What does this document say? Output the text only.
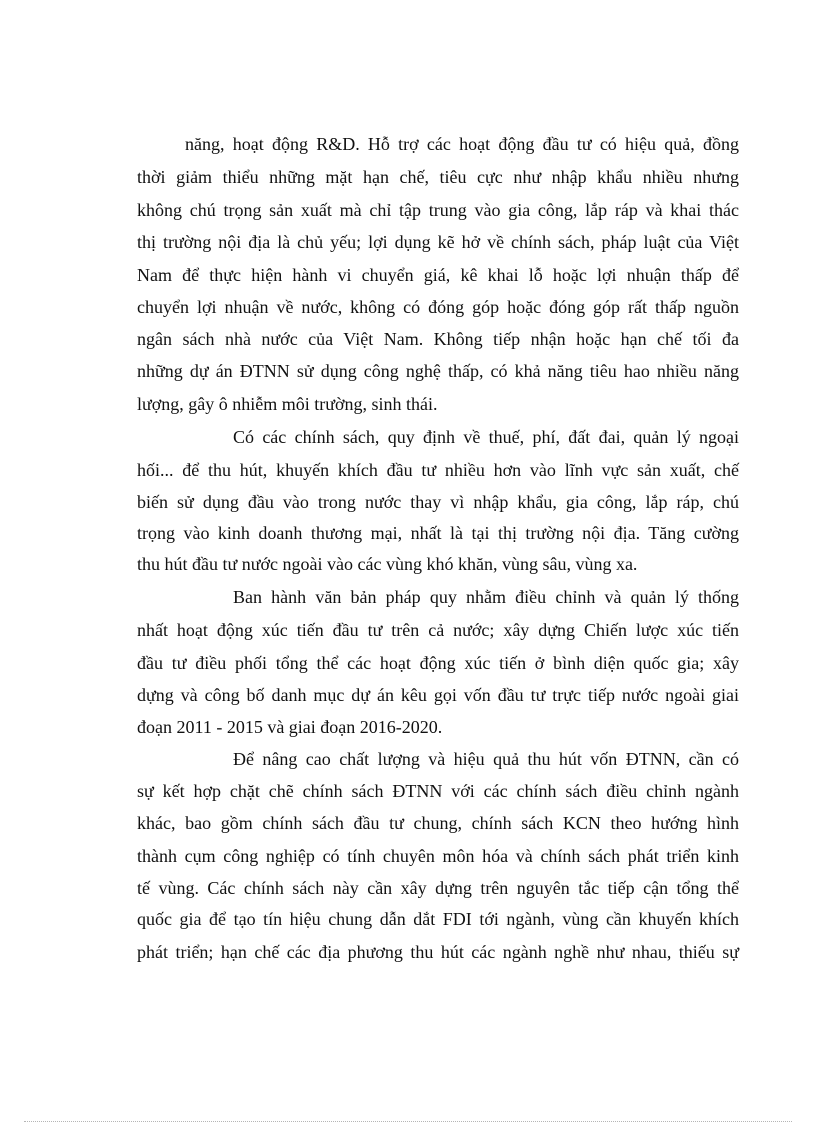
năng, hoạt động R&D. Hỗ trợ các hoạt động đầu tư có hiệu quả, đồng
thời giảm thiểu những mặt hạn chế, tiêu cực như nhập khẩu nhiều nhưng
không chú trọng sản xuất mà chỉ tập trung vào gia công, lắp ráp và khai thác
thị trường nội địa là chủ yếu; lợi dụng kẽ hở về chính sách, pháp luật của Việt
Nam để thực hiện hành vi chuyển giá, kê khai lỗ hoặc lợi nhuận thấp để
chuyển lợi nhuận về nước, không có đóng góp hoặc đóng góp rất thấp nguồn
ngân sách nhà nước của Việt Nam. Không tiếp nhận hoặc hạn chế tối đa
những dự án ĐTNN sử dụng công nghệ thấp, có khả năng tiêu hao nhiều năng
lượng, gây ô nhiễm môi trường, sinh thái.
Có các chính sách, quy định về thuế, phí, đất đai, quản lý ngoại
hối... để thu hút, khuyến khích đầu tư nhiều hơn vào lĩnh vực sản xuất, chế
biến sử dụng đầu vào trong nước thay vì nhập khẩu, gia công, lắp ráp, chú
trọng vào kinh doanh thương mại, nhất là tại thị trường nội địa. Tăng cường
thu hút đầu tư nước ngoài vào các vùng khó khăn, vùng sâu, vùng xa.
Ban hành văn bản pháp quy nhằm điều chỉnh và quản lý thống
nhất hoạt động xúc tiến đầu tư trên cả nước; xây dựng Chiến lược xúc tiến
đầu tư điều phối tổng thể các hoạt động xúc tiến ở bình diện quốc gia; xây
dựng và công bố danh mục dự án kêu gọi vốn đầu tư trực tiếp nước ngoài giai
đoạn 2011 - 2015 và giai đoạn 2016-2020.
Để nâng cao chất lượng và hiệu quả thu hút vốn ĐTNN, cần có
sự kết hợp chặt chẽ chính sách ĐTNN với các chính sách điều chỉnh ngành
khác, bao gồm chính sách đầu tư chung, chính sách KCN theo hướng hình
thành cụm công nghiệp có tính chuyên môn hóa và chính sách phát triển kinh
tế vùng. Các chính sách này cần xây dựng trên nguyên tắc tiếp cận tổng thể
quốc gia để tạo tín hiệu chung dẫn dắt FDI tới ngành, vùng cần khuyến khích
phát triển; hạn chế các địa phương thu hút các ngành nghề như nhau, thiếu sự
